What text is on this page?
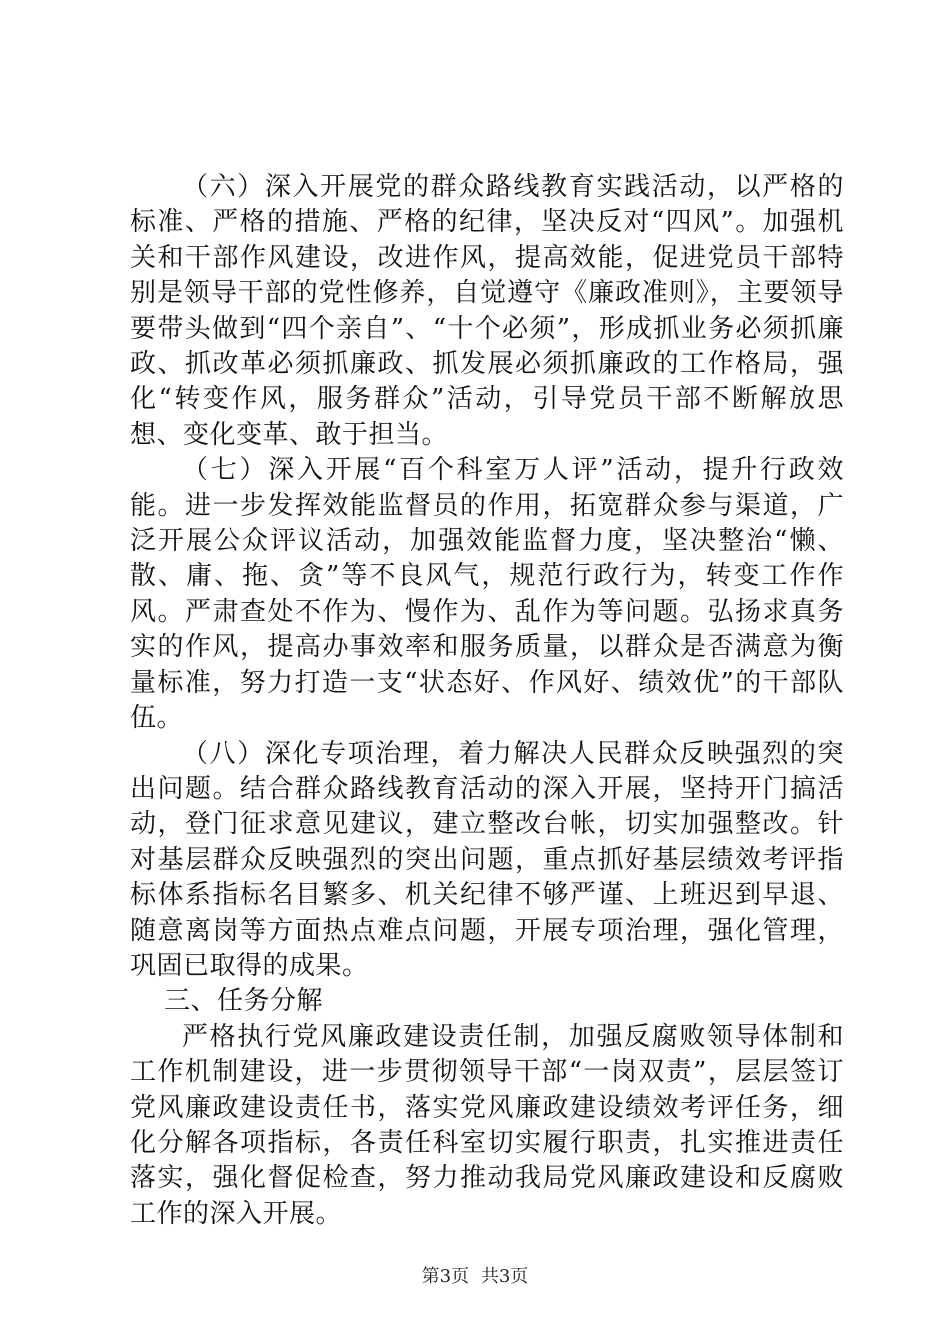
（六）深入开展党的群众路线教育实践活动，以严格的标准、严格的措施、严格的纪律，坚决反对“四风”。加强机关和干部作风建设，改进作风，提高效能，促进党员干部特别是领导干部的党性修养，自觉遵守《廉政准则》，主要领导要带头做到“四个亲自”、“十个必须”，形成抓业务必须抓廉政、抓改革必须抓廉政、抓发展必须抓廉政的工作格局，强化“转变作风，服务群众”活动，引导党员干部不断解放思想、变化变革、敢于担当。

（七）深入开展“百个科室万人评”活动，提升行政效能。进一步发挥效能监督员的作用，拓宽群众参与渠道，广泛开展公众评议活动，加强效能监督力度，坚决整治“懒、散、庸、拖、贪”等不良风气，规范行政行为，转变工作作风。严肃查处不作为、慢作为、乱作为等问题。弘扬求真务实的作风，提高办事效率和服务质量，以群众是否满意为衡量标准，努力打造一支“状态好、作风好、绩效优”的干部队伍。

（八）深化专项治理，着力解决人民群众反映强烈的突出问题。结合群众路线教育活动的深入开展，坚持开门搞活动，登门征求意见建议，建立整改台帐，切实加强整改。针对基层群众反映强烈的突出问题，重点抓好基层绩效考评指标体系指标名目繁多、机关纪律不够严谨、上班迟到早退、随意离岗等方面热点难点问题，开展专项治理，强化管理，巩固已取得的成果。

三、任务分解

严格执行党风廉政建设责任制，加强反腐败领导体制和工作机制建设，进一步贯彻领导干部“一岗双责”，层层签订党风廉政建设责任书，落实党风廉政建设绩效考评任务，细化分解各项指标，各责任科室切实履行职责，扎实推进责任落实，强化督促检查，努力推动我局党风廉政建设和反腐败工作的深入开展。

第3页 共3页
